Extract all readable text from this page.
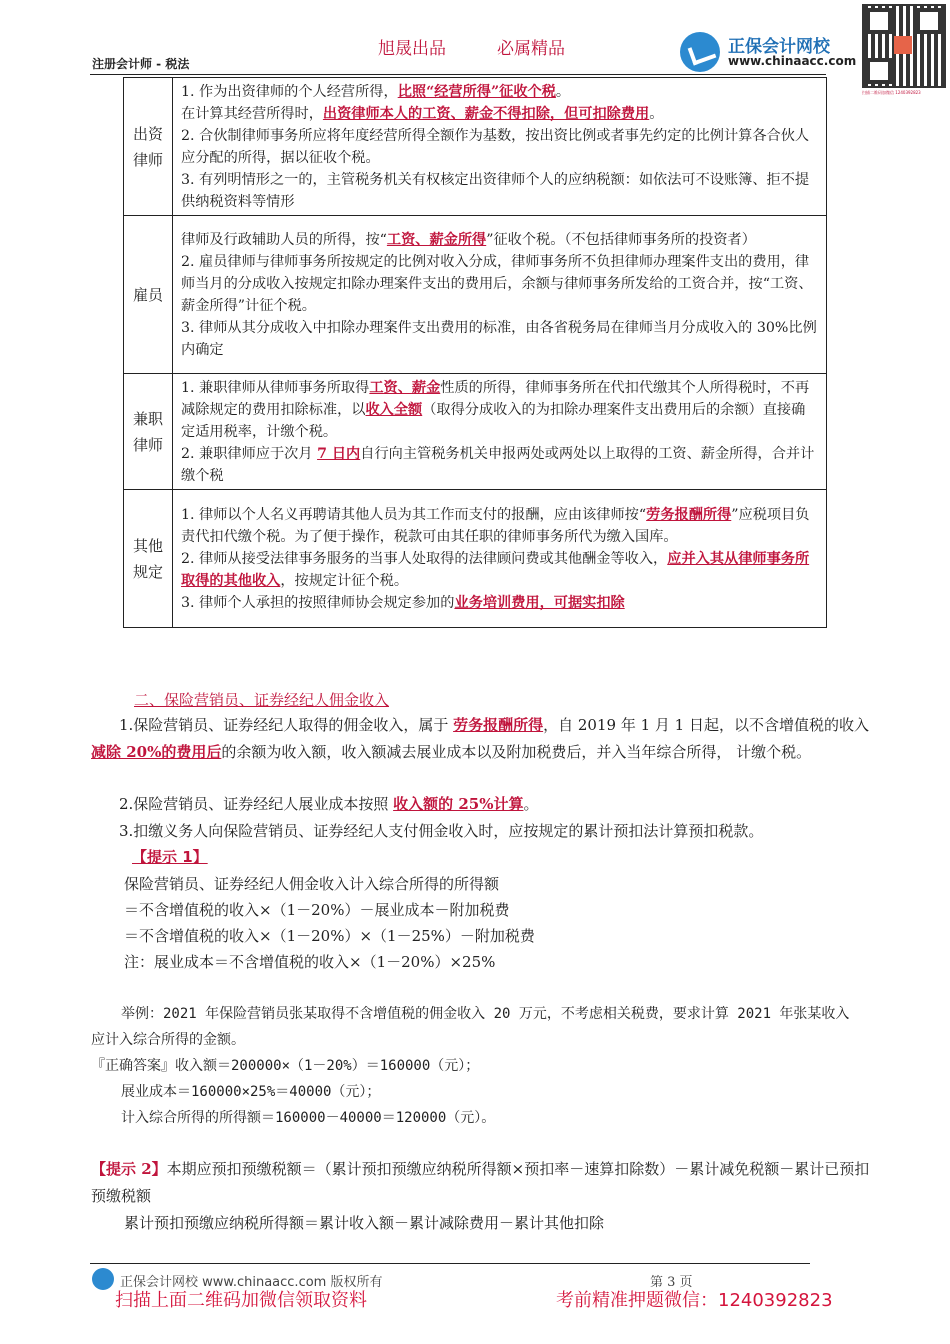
旭晟出品	必属精品
注册会计师 - 税法
正保会计网校
www.chinaacc.com
扫描二维码加微信 1240392823
出资律师	1. 作为出资律师的个人经营所得，比照“经营所得”征收个税。

在计算其经营所得时，出资律师本人的工资、薪金不得扣除，但可扣除费用。

2. 合伙制律师事务所应将年度经营所得全额作为基数，按出资比例或者事先约定的比例计算各合伙人应分配的所得，据以征收个税。

3. 有列明情形之一的，主管税务机关有权核定出资律师个人的应纳税额：如依法可不设账簿、拒不提供纳税资料等情形

雇员	律师及行政辅助人员的所得，按“工资、薪金所得”征收个税。（不包括律师事务所的投资者）

2. 雇员律师与律师事务所按规定的比例对收入分成，律师事务所不负担律师办理案件支出的费用，律师当月的分成收入按规定扣除办理案件支出的费用后，余额与律师事务所发给的工资合并，按“工资、薪金所得”计征个税。

3. 律师从其分成收入中扣除办理案件支出费用的标准，由各省税务局在律师当月分成收入的 30%比例内确定

兼职律师	1. 兼职律师从律师事务所取得工资、薪金性质的所得，律师事务所在代扣代缴其个人所得税时，不再减除规定的费用扣除标准，以收入全额（取得分成收入的为扣除办理案件支出费用后的余额）直接确定适用税率，计缴个税。

2. 兼职律师应于次月 7 日内自行向主管税务机关申报两处或两处以上取得的工资、薪金所得，合并计缴个税

其他规定	1. 律师以个人名义再聘请其他人员为其工作而支付的报酬，应由该律师按“劳务报酬所得”应税项目负责代扣代缴个税。为了便于操作，税款可由其任职的律师事务所代为缴入国库。

2. 律师从接受法律事务服务的当事人处取得的法律顾问费或其他酬金等收入，应并入其从律师事务所取得的其他收入，按规定计征个税。

3. 律师个人承担的按照律师协会规定参加的业务培训费用，可据实扣除

二、保险营销员、证券经纪人佣金收入

1.保险营销员、证券经纪人取得的佣金收入，属于 劳务报酬所得，自 2019 年 1 月 1 日起，以不含增值税的收入 减除 20%的费用后的余额为收入额，收入额减去展业成本以及附加税费后，并入当年综合所得， 计缴个税。

2.保险营销员、证券经纪人展业成本按照 收入额的 25%计算。

3.扣缴义务人向保险营销员、证券经纪人支付佣金收入时，应按规定的累计预扣法计算预扣税款。

【提示 1】

保险营销员、证券经纪人佣金收入计入综合所得的所得额

＝不含增值税的收入×（1－20%）－展业成本－附加税费

＝不含增值税的收入×（1－20%）×（1－25%）－附加税费

注：展业成本＝不含增值税的收入×（1－20%）×25%

举例：2021 年保险营销员张某取得不含增值税的佣金收入 20 万元，不考虑相关税费，要求计算 2021 年张某收入应计入综合所得的金额。

『正确答案』收入额＝200000×（1－20%）＝160000（元）；

展业成本＝160000×25%＝40000（元）；

计入综合所得的所得额＝160000－40000＝120000（元）。

【提示 2】本期应预扣预缴税额＝（累计预扣预缴应纳税所得额×预扣率－速算扣除数）－累计减免税额－累计已预扣预缴税额

累计预扣预缴应纳税所得额＝累计收入额－累计减除费用－累计其他扣除

正保会计网校 www.chinaacc.com 版权所有	第 3 页
扫描上面二维码加微信领取资料	考前精准押题微信：1240392823
